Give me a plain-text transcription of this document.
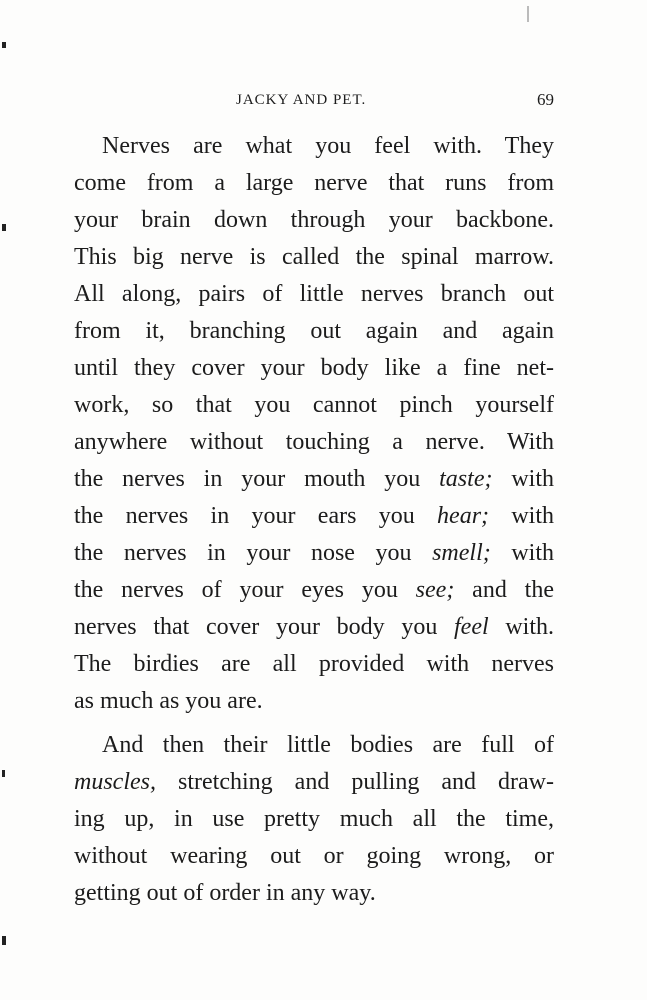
JACKY AND PET.	69
Nerves are what you feel with. They
come from a large nerve that runs from
your brain down through your backbone.
This big nerve is called the spinal marrow.
All along, pairs of little nerves branch out
from it, branching out again and again
until they cover your body like a fine net-
work, so that you cannot pinch yourself
anywhere without touching a nerve. With
the nerves in your mouth you taste; with
the nerves in your ears you hear; with
the nerves in your nose you smell; with
the nerves of your eyes you see; and the
nerves that cover your body you feel with.
The birdies are all provided with nerves
as much as you are.
And then their little bodies are full of
muscles, stretching and pulling and draw-
ing up, in use pretty much all the time,
without wearing out or going wrong, or
getting out of order in any way.
